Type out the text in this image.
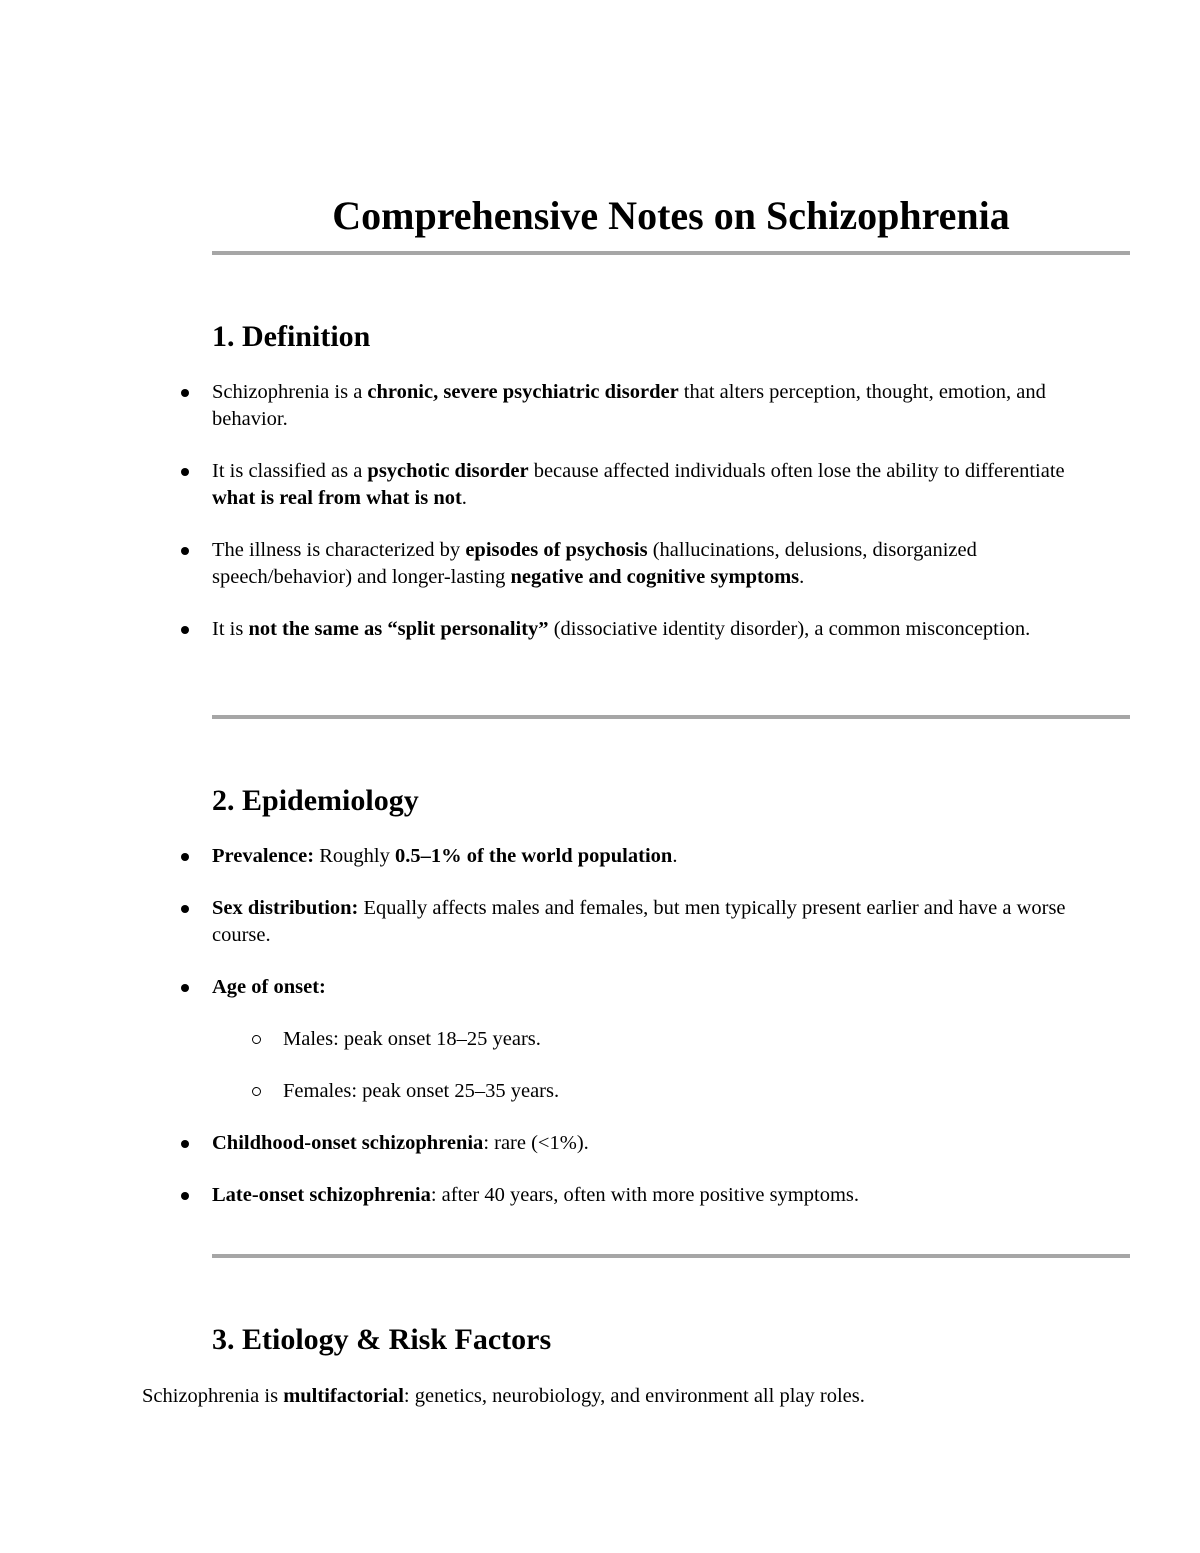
Comprehensive Notes on Schizophrenia
1. Definition
Schizophrenia is a chronic, severe psychiatric disorder that alters perception, thought, emotion, and behavior.
It is classified as a psychotic disorder because affected individuals often lose the ability to differentiate what is real from what is not.
The illness is characterized by episodes of psychosis (hallucinations, delusions, disorganized speech/behavior) and longer-lasting negative and cognitive symptoms.
It is not the same as “split personality” (dissociative identity disorder), a common misconception.
2. Epidemiology
Prevalence: Roughly 0.5–1% of the world population.
Sex distribution: Equally affects males and females, but men typically present earlier and have a worse course.
Age of onset:
Males: peak onset 18–25 years.
Females: peak onset 25–35 years.
Childhood-onset schizophrenia: rare (<1%).
Late-onset schizophrenia: after 40 years, often with more positive symptoms.
3. Etiology & Risk Factors

Schizophrenia is multifactorial: genetics, neurobiology, and environment all play roles.
